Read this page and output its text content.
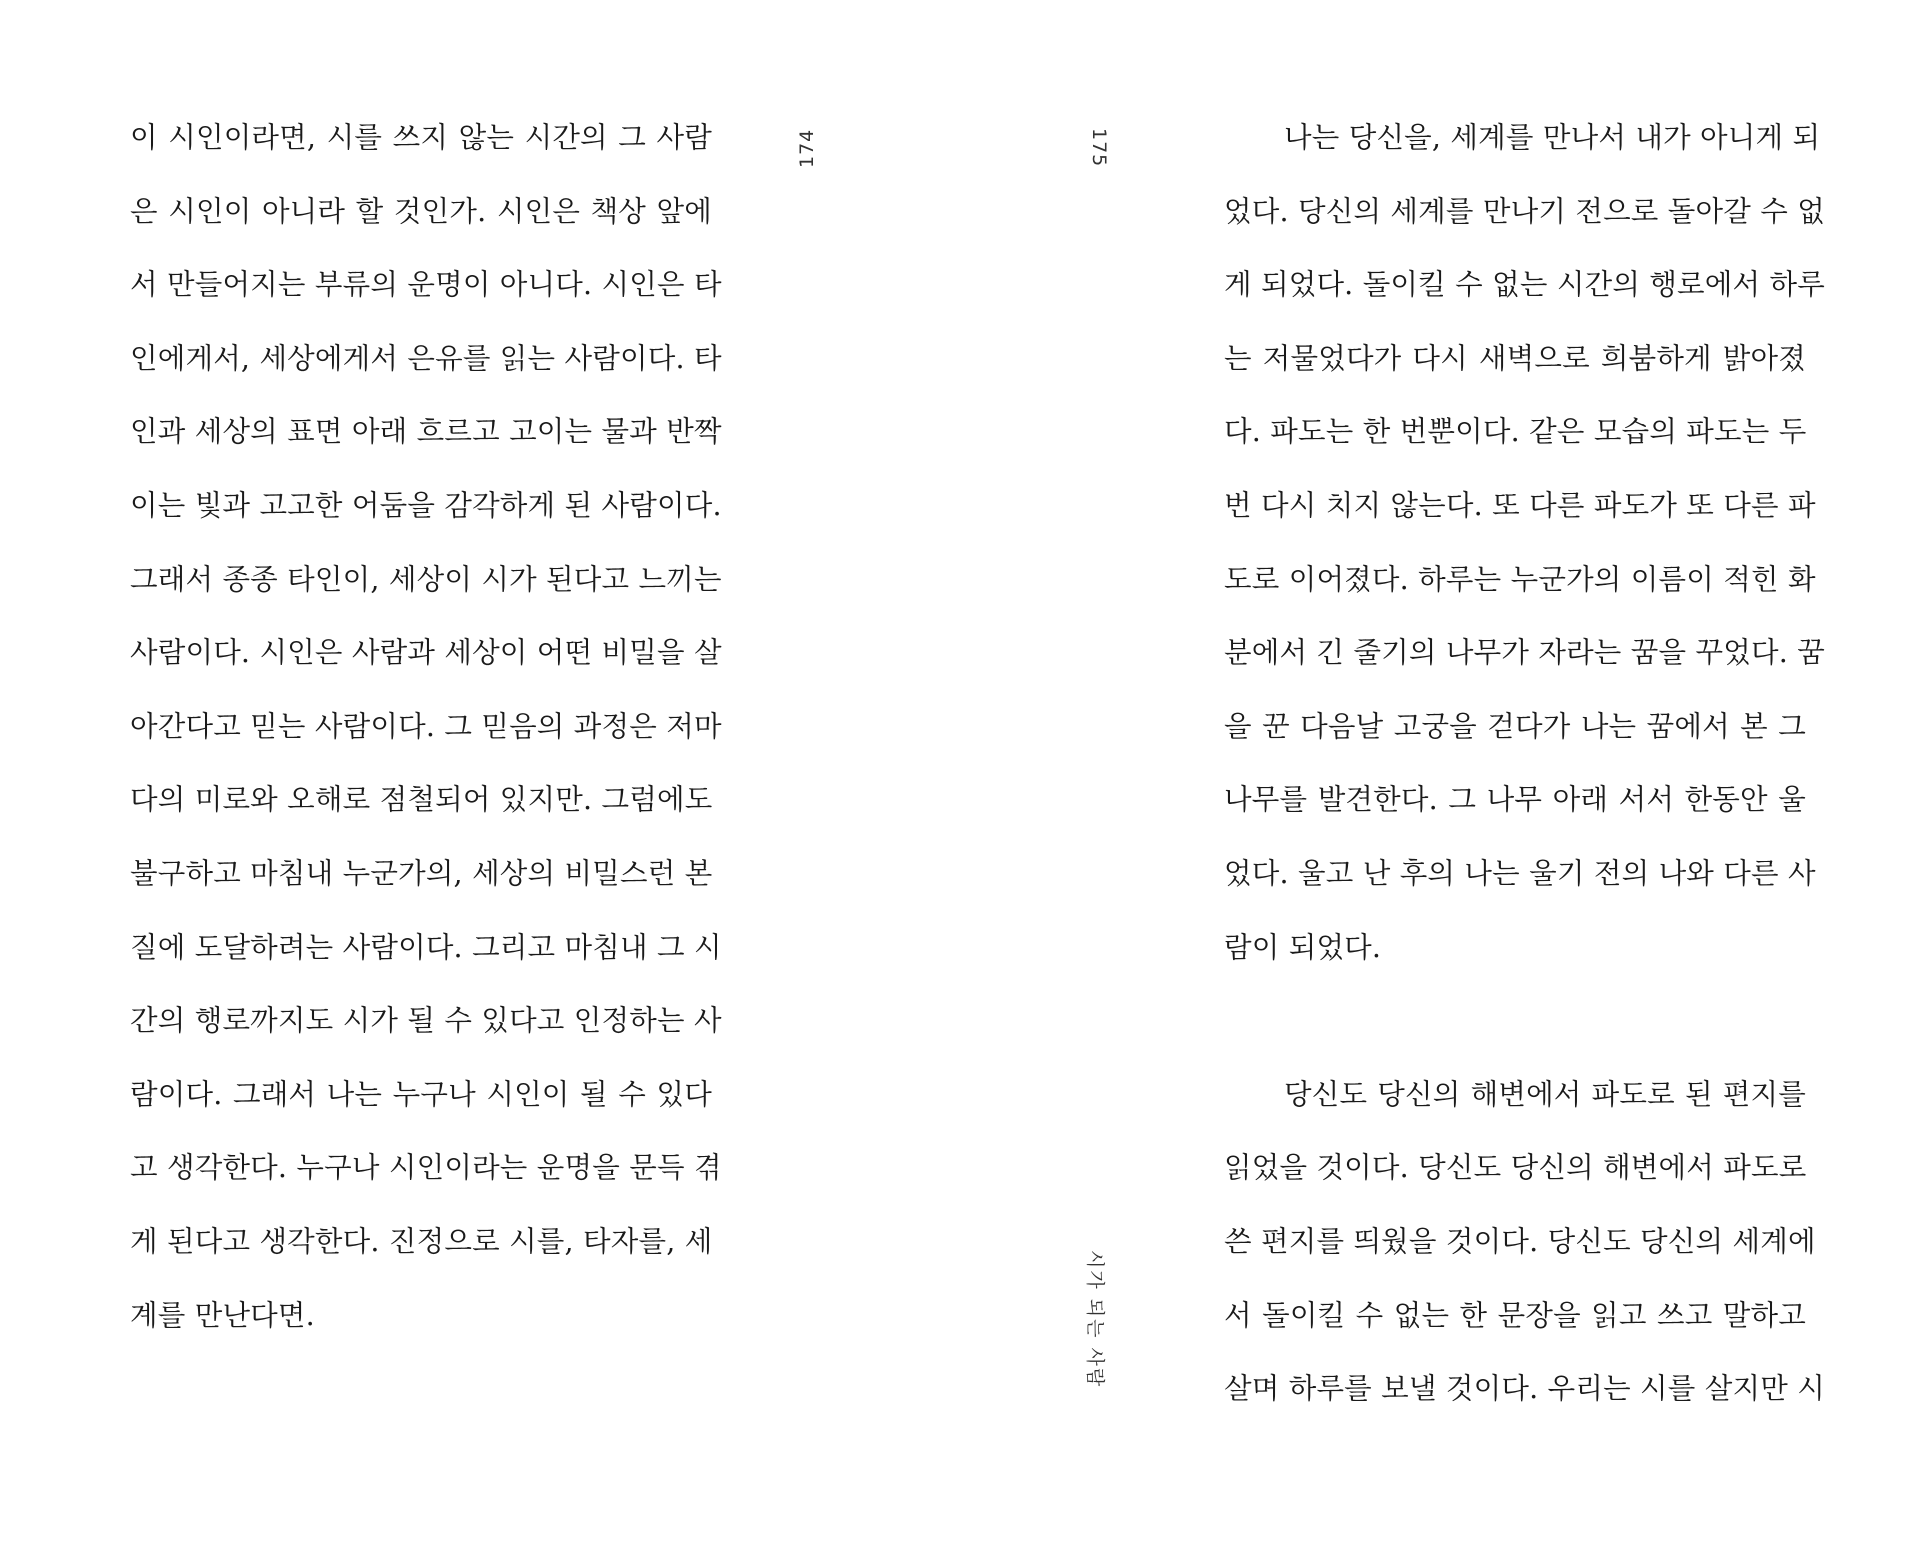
174
이 시인이라면, 시를 쓰지 않는 시간의 그 사람
은 시인이 아니라 할 것인가. 시인은 책상 앞에
서 만들어지는 부류의 운명이 아니다. 시인은 타
인에게서, 세상에게서 은유를 읽는 사람이다. 타
인과 세상의 표면 아래 흐르고 고이는 물과 반짝
이는 빛과 고고한 어둠을 감각하게 된 사람이다.
그래서 종종 타인이, 세상이 시가 된다고 느끼는
사람이다. 시인은 사람과 세상이 어떤 비밀을 살
아간다고 믿는 사람이다. 그 믿음의 과정은 저마
다의 미로와 오해로 점철되어 있지만. 그럼에도
불구하고 마침내 누군가의, 세상의 비밀스런 본
질에 도달하려는 사람이다. 그리고 마침내 그 시
간의 행로까지도 시가 될 수 있다고 인정하는 사
람이다. 그래서 나는 누구나 시인이 될 수 있다
고 생각한다. 누구나 시인이라는 운명을 문득 겪
게 된다고 생각한다. 진정으로 시를, 타자를, 세
계를 만난다면.
175
시가 되는 사람
나는 당신을, 세계를 만나서 내가 아니게 되
었다. 당신의 세계를 만나기 전으로 돌아갈 수 없
게 되었다. 돌이킬 수 없는 시간의 행로에서 하루
는 저물었다가 다시 새벽으로 희붐하게 밝아졌
다. 파도는 한 번뿐이다. 같은 모습의 파도는 두
번 다시 치지 않는다. 또 다른 파도가 또 다른 파
도로 이어졌다. 하루는 누군가의 이름이 적힌 화
분에서 긴 줄기의 나무가 자라는 꿈을 꾸었다. 꿈
을 꾼 다음날 고궁을 걷다가 나는 꿈에서 본 그
나무를 발견한다. 그 나무 아래 서서 한동안 울
었다. 울고 난 후의 나는 울기 전의 나와 다른 사
람이 되었다.
당신도 당신의 해변에서 파도로 된 편지를
읽었을 것이다. 당신도 당신의 해변에서 파도로
쓴 편지를 띄웠을 것이다. 당신도 당신의 세계에
서 돌이킬 수 없는 한 문장을 읽고 쓰고 말하고
살며 하루를 보낼 것이다. 우리는 시를 살지만 시
